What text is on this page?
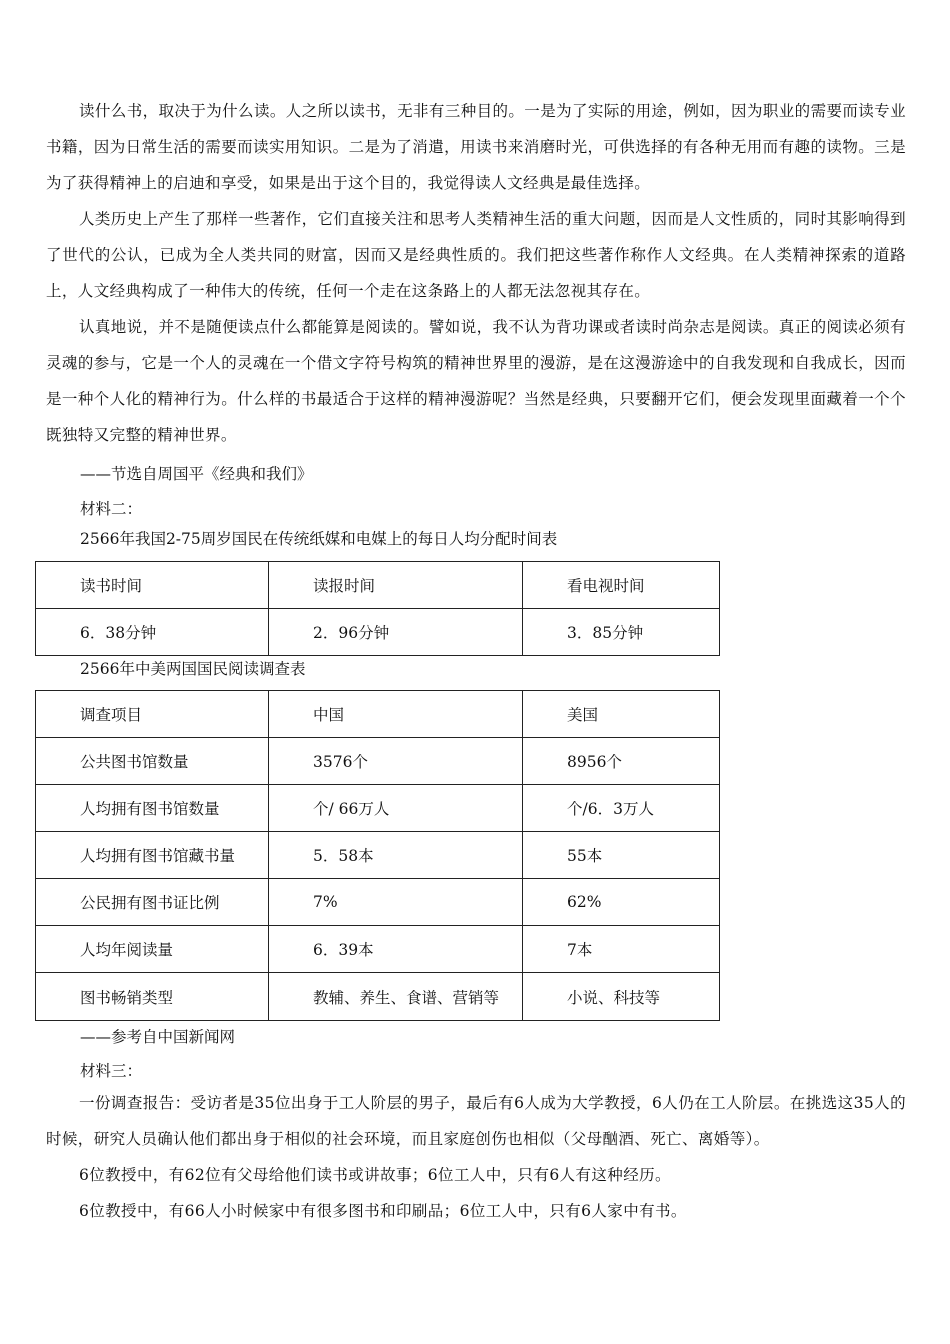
读什么书，取决于为什么读。人之所以读书，无非有三种目的。一是为了实际的用途，例如，因为职业的需要而读专业书籍，因为日常生活的需要而读实用知识。二是为了消遣，用读书来消磨时光，可供选择的有各种无用而有趣的读物。三是为了获得精神上的启迪和享受，如果是出于这个目的，我觉得读人文经典是最佳选择。

人类历史上产生了那样一些著作，它们直接关注和思考人类精神生活的重大问题，因而是人文性质的，同时其影响得到了世代的公认，已成为全人类共同的财富，因而又是经典性质的。我们把这些著作称作人文经典。在人类精神探索的道路上，人文经典构成了一种伟大的传统，任何一个走在这条路上的人都无法忽视其存在。

认真地说，并不是随便读点什么都能算是阅读的。譬如说，我不认为背功课或者读时尚杂志是阅读。真正的阅读必须有灵魂的参与，它是一个人的灵魂在一个借文字符号构筑的精神世界里的漫游，是在这漫游途中的自我发现和自我成长，因而是一种个人化的精神行为。什么样的书最适合于这样的精神漫游呢？当然是经典，只要翻开它们，便会发现里面藏着一个个既独特又完整的精神世界。

——节选自周国平《经典和我们》

材料二：

2566年我国2-75周岁国民在传统纸媒和电媒上的每日人均分配时间表

读书时间	读报时间	看电视时间
6．38分钟	2．96分钟	3．85分钟

2566年中美两国国民阅读调查表

调查项目	中国	美国
公共图书馆数量	3576个	8956个
人均拥有图书馆数量	个/ 66万人	个/6．3万人
人均拥有图书馆藏书量	5．58本	55本
公民拥有图书证比例	7%	62%
人均年阅读量	6．39本	7本
图书畅销类型	教辅、养生、食谱、营销等	小说、科技等

——参考自中国新闻网

材料三：

一份调查报告：受访者是35位出身于工人阶层的男子，最后有6人成为大学教授，6人仍在工人阶层。在挑选这35人的时候，研究人员确认他们都出身于相似的社会环境，而且家庭创伤也相似（父母酗酒、死亡、离婚等）。

6位教授中，有62位有父母给他们读书或讲故事；6位工人中，只有6人有这种经历。

6位教授中，有66人小时候家中有很多图书和印刷品；6位工人中，只有6人家中有书。
